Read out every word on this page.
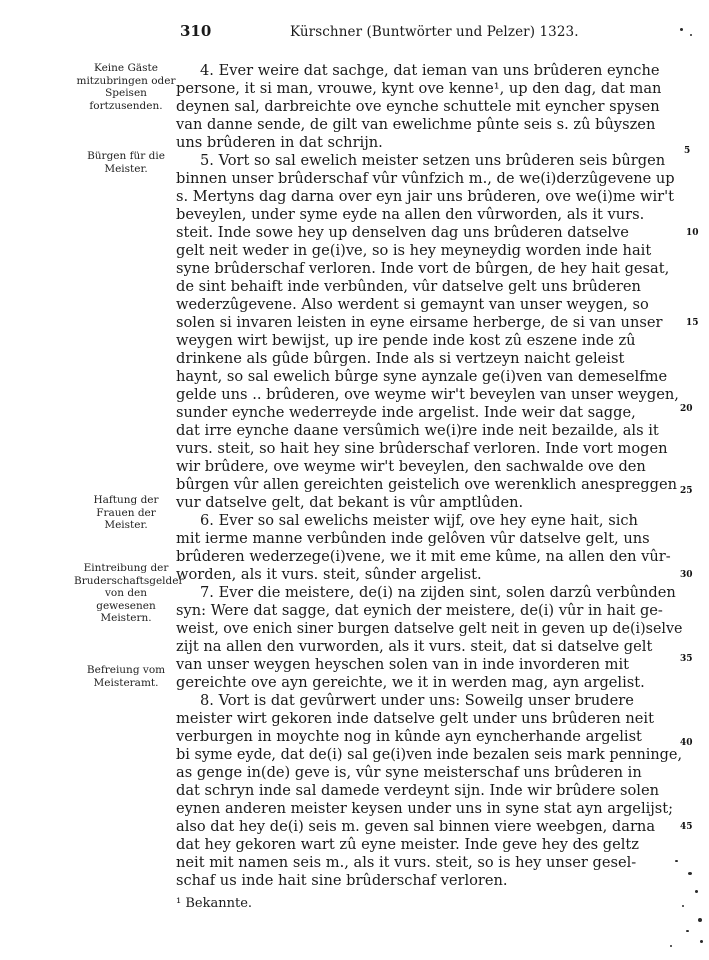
310	Kürschner (Buntwörter und Pelzer) 1323.
Keine Gäste mitzubringen oder Speisen fortzusenden.
Bürgen für die Meister.
Haftung der Frauen der Meister.
Eintreibung der Bruderschaftsgelder von den gewesenen Meistern.
Befreiung vom Meisteramt.
4. Ever weire dat sachge, dat ieman van uns brûderen eynche
persone, it si man, vrouwe, kynt ove kenne¹, up den dag, dat man
deynen sal, darbreichte ove eynche schuttele mit eyncher spysen
van danne sende, de gilt van ewelichme pûnte seis s. zû bûyszen
uns brûderen in dat schrijn.
5. Vort so sal ewelich meister setzen uns brûderen seis bûrgen
binnen unser brûderschaf vûr vûnfzich m., de we(i)derzûgevene up
s. Mertyns dag darna over eyn jair uns brûderen, ove we(i)me wir't
beveylen, under syme eyde na allen den vûrworden, als it vurs.
steit. Inde sowe hey up denselven dag uns brûderen datselve
gelt neit weder in ge(i)ve, so is hey meyneydig worden inde hait
syne brûderschaf verloren. Inde vort de bûrgen, de hey hait gesat,
de sint behaift inde verbûnden, vûr datselve gelt uns brûderen
wederzûgevene. Also werdent si gemaynt van unser weygen, so
solen si invaren leisten in eyne eirsame herberge, de si van unser
weygen wirt bewijst, up ire pende inde kost zû eszene inde zû
drinkene als gûde bûrgen. Inde als si vertzeyn naicht geleist
haynt, so sal ewelich bûrge syne aynzale ge(i)ven van demeselfme
gelde uns .. brûderen, ove weyme wir't beveylen van unser weygen,
sunder eynche wederreyde inde argelist. Inde weir dat sagge,
dat irre eynche daane versûmich we(i)re inde neit bezailde, als it
vurs. steit, so hait hey sine brûderschaf verloren. Inde vort mogen
wir brûdere, ove weyme wir't beveylen, den sachwalde ove den
bûrgen vûr allen gereichten geistelich ove werenklich anespreggen
vur datselve gelt, dat bekant is vûr amptlûden.
6. Ever so sal ewelichs meister wijf, ove hey eyne hait, sich
mit ierme manne verbûnden inde gelôven vûr datselve gelt, uns
brûderen wederzege(i)vene, we it mit eme kûme, na allen den vûr-
worden, als it vurs. steit, sûnder argelist.
7. Ever die meistere, de(i) na zijden sint, solen darzû verbûnden
syn: Were dat sagge, dat eynich der meistere, de(i) vûr in hait ge-
weist, ove enich siner burgen datselve gelt neit in geven up de(i)selve
zijt na allen den vurworden, als it vurs. steit, dat si datselve gelt
van unser weygen heyschen solen van in inde invorderen mit
gereichte ove ayn gereichte, we it in werden mag, ayn argelist.
8. Vort is dat gevûrwert under uns: Soweilg unser brudere
meister wirt gekoren inde datselve gelt under uns brûderen neit
verburgen in moychte nog in kûnde ayn eyncherhande argelist
bi syme eyde, dat de(i) sal ge(i)ven inde bezalen seis mark penninge,
as genge in(de) geve is, vûr syne meisterschaf uns brûderen in
dat schryn inde sal damede verdeynt sijn. Inde wir brûdere solen
eynen anderen meister keysen under uns in syne stat ayn argelijst;
also dat hey de(i) seis m. geven sal binnen viere weebgen, darna
dat hey gekoren wart zû eyne meister. Inde geve hey des geltz
neit mit namen seis m., als it vurs. steit, so is hey unser gesel-
schaf us inde hait sine brûderschaf verloren.
¹ Bekannte.
5
10
15
20
25
30
35
40
45
